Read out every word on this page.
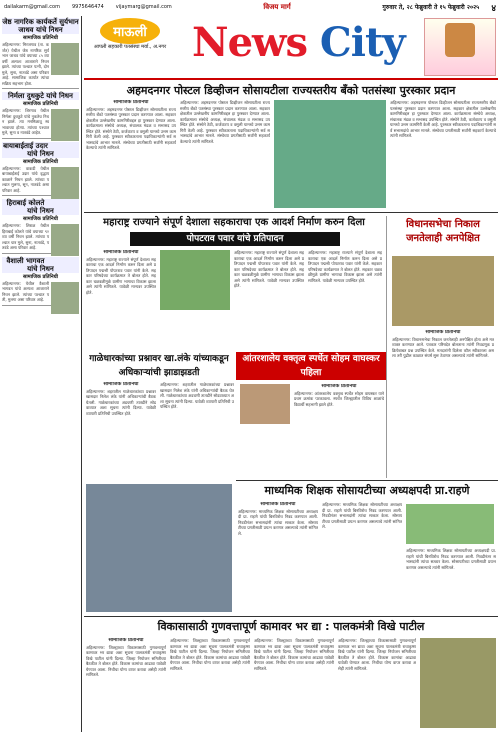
dailakarm@gmail.com 9975646474 vijaymarg@gmail.com	विजय मार्ग	गुरुवार ते, २८ फेब्रुवारी ते १५ फेब्रुवारी २०२५ ४
माऊली
आपली सहकारी पतसंस्था मर्या., अ.नगर News City
जेष्ठ नागरिक कार्यकर्ते सुर्यभान जाधव यांचे निधन
सामाजिक प्रतिनिधी
अहिल्यानगर: मिरजगाव (ता. कर्जत) येथील जेष्ठ नागरिक सुर्यभान जाधव यांचे वयाच्या ८५ व्या वर्षी अल्पशः आजाराने निधन झाले. त्यांच्या पश्चात पत्नी, दोन मुले, सुना, नातवंडे असा परिवार आहे. सामाजिक कार्यात त्यांचा सक्रिय सहभाग होता.
निर्मला दुधकुटे यांचे निधन
सामाजिक प्रतिनिधी
अहिल्यानगर: शिरगाव येथील निर्मला दुधकुटे यांचे नुकतेच निधन झाले. त्या मनमिळावू स्वभावाच्या होत्या. त्यांच्या पश्चात मुले, सुना व नातवंडे आहेत.
बायाबाईताई उदार यांचे निधन
सामाजिक प्रतिनिधी
अहिल्यानगर: वाकडी येथील बायाबाईताई उदार यांचे वृद्धापकाळाने निधन झाले. त्यांच्या पश्चात मुलगा, सून, नातवंडे असा परिवार आहे.
हिराबाई कोलते यांचे निधन
सामाजिक प्रतिनिधी
अहिल्यानगर: शिराळ येथील हिराबाई कोलते यांचे वयाच्या ९२ व्या वर्षी निधन झाले. त्यांच्या पश्चात चार मुले, सुना, नातवंडे, पतवंडे असा परिवार आहे.
वैशाली भागवत यांचे निधन
सामाजिक प्रतिनिधी
अहिल्यानगर: येथील वैशाली भागवत यांचे अल्पशः आजाराने निधन झाले. त्यांच्या पश्चात पती, मुलगा असा परिवार आहे.
अहमदनगर पोस्टल डिव्हीजन सोसायटीला राज्यस्तरीय बँको पतसंस्था पुरस्कार प्रदान
सामाजिक प्रतिनिधी
अहिल्यानगर: अहमदनगर पोस्टल डिव्हीजन सोसायटीला राज्यस्तरीय बँको पतसंस्था पुरस्कार प्रदान करण्यात आला. सहकार क्षेत्रातील उल्लेखनीय कामगिरीबद्दल हा पुरस्कार देण्यात आला. कार्यक्रमाला संस्थेचे अध्यक्ष, संचालक मंडळ व सभासद उपस्थित होते. संस्थेने ठेवी, कर्जवाटप व वसुली यामध्ये उत्तम कामगिरी केली आहे. पुरस्कार स्वीकारताना पदाधिकाऱ्यांनी सर्व सभासदांचे आभार मानले. संस्थेच्या प्रगतीसाठी सर्वांनी सहकार्य केल्याचे त्यांनी सांगितले.
अहिल्यानगर: अहमदनगर पोस्टल डिव्हीजन सोसायटीला राज्यस्तरीय बँको पतसंस्था पुरस्कार प्रदान करण्यात आला. सहकार क्षेत्रातील उल्लेखनीय कामगिरीबद्दल हा पुरस्कार देण्यात आला. कार्यक्रमाला संस्थेचे अध्यक्ष, संचालक मंडळ व सभासद उपस्थित होते. संस्थेने ठेवी, कर्जवाटप व वसुली यामध्ये उत्तम कामगिरी केली आहे. पुरस्कार स्वीकारताना पदाधिकाऱ्यांनी सर्व सभासदांचे आभार मानले. संस्थेच्या प्रगतीसाठी सर्वांनी सहकार्य केल्याचे त्यांनी सांगितले.
अहिल्यानगर: अहमदनगर पोस्टल डिव्हीजन सोसायटीला राज्यस्तरीय बँको पतसंस्था पुरस्कार प्रदान करण्यात आला. सहकार क्षेत्रातील उल्लेखनीय कामगिरीबद्दल हा पुरस्कार देण्यात आला. कार्यक्रमाला संस्थेचे अध्यक्ष, संचालक मंडळ व सभासद उपस्थित होते. संस्थेने ठेवी, कर्जवाटप व वसुली यामध्ये उत्तम कामगिरी केली आहे. पुरस्कार स्वीकारताना पदाधिकाऱ्यांनी सर्व सभासदांचे आभार मानले. संस्थेच्या प्रगतीसाठी सर्वांनी सहकार्य केल्याचे त्यांनी सांगितले.
महाराष्ट्र राज्याने संपूर्ण देशाला सहकाराचा एक आदर्श निर्माण करुन दिला
पोपटराव पवार यांचे प्रतिपादन
सामाजिक प्रतिनिधी
अहिल्यानगर: महाराष्ट्र राज्याने संपूर्ण देशाला सहकाराचा एक आदर्श निर्माण करुन दिला असे प्रतिपादन पद्मश्री पोपटराव पवार यांनी केले. सहकार परिषदेच्या कार्यक्रमात ते बोलत होते. सहकार चळवळीमुळे ग्रामीण भागाचा विकास झाला असे त्यांनी सांगितले. यावेळी मान्यवर उपस्थित होते.
अहिल्यानगर: महाराष्ट्र राज्याने संपूर्ण देशाला सहकाराचा एक आदर्श निर्माण करुन दिला असे प्रतिपादन पद्मश्री पोपटराव पवार यांनी केले. सहकार परिषदेच्या कार्यक्रमात ते बोलत होते. सहकार चळवळीमुळे ग्रामीण भागाचा विकास झाला असे त्यांनी सांगितले. यावेळी मान्यवर उपस्थित होते.
अहिल्यानगर: महाराष्ट्र राज्याने संपूर्ण देशाला सहकाराचा एक आदर्श निर्माण करुन दिला असे प्रतिपादन पद्मश्री पोपटराव पवार यांनी केले. सहकार परिषदेच्या कार्यक्रमात ते बोलत होते. सहकार चळवळीमुळे ग्रामीण भागाचा विकास झाला असे त्यांनी सांगितले. यावेळी मान्यवर उपस्थित होते.
विधानसभेचा निकाल जनतेलाही अनपेक्षित
सामाजिक प्रतिनिधी
अहिल्यानगर: विधानसभेचा निकाल जनतेलाही अनपेक्षित होता असे मत व्यक्त करण्यात आले. पत्रकार परिषदेत बोलताना त्यांनी निवडणूक प्रक्रियेबाबत प्रश्न उपस्थित केले. मतदारांनी दिलेला कौल स्वीकारला असला तरी पुढील काळात संघर्ष सुरू ठेवणार असल्याचे त्यांनी सांगितले.
गाळेधारकांच्या प्रश्नावर खा.लंके यांच्याकडून अधिकाऱ्यांची झाडाझडती
सामाजिक प्रतिनिधी
अहिल्यानगर: शहरातील गाळेधारकांच्या प्रश्नावर खासदार निलेश लंके यांनी अधिकाऱ्यांची बैठक घेतली. गाळेधारकांच्या अडचणी तातडीने सोडवाव्यात अशा सूचना त्यांनी दिल्या. यावेळी व्यापारी प्रतिनिधी उपस्थित होते.
अहिल्यानगर: शहरातील गाळेधारकांच्या प्रश्नावर खासदार निलेश लंके यांनी अधिकाऱ्यांची बैठक घेतली. गाळेधारकांच्या अडचणी तातडीने सोडवाव्यात अशा सूचना त्यांनी दिल्या. यावेळी व्यापारी प्रतिनिधी उपस्थित होते.
आंतरशालेय वक्तृत्व स्पर्धेत सोहम वाघस्कर पहिला
सामाजिक प्रतिनिधी
अहिल्यानगर: आंतरशालेय वक्तृत्व स्पर्धेत सोहम वाघस्कर याने प्रथम क्रमांक पटकावला. स्पर्धेत जिल्ह्यातील विविध शाळांचे विद्यार्थी सहभागी झाले होते.
माध्यमिक शिक्षक सोसायटीच्या अध्यक्षपदी प्रा.राहणे
सामाजिक प्रतिनिधी
अहिल्यानगर: माध्यमिक शिक्षक सोसायटीच्या अध्यक्षपदी प्रा. राहणे यांची बिनविरोध निवड करण्यात आली. निवडीनंतर सभासदांनी त्यांचा सत्कार केला. सोसायटीच्या प्रगतीसाठी प्रयत्न करणार असल्याचे त्यांनी सांगितले.
अहिल्यानगर: माध्यमिक शिक्षक सोसायटीच्या अध्यक्षपदी प्रा. राहणे यांची बिनविरोध निवड करण्यात आली. निवडीनंतर सभासदांनी त्यांचा सत्कार केला. सोसायटीच्या प्रगतीसाठी प्रयत्न करणार असल्याचे त्यांनी सांगितले.
अहिल्यानगर: माध्यमिक शिक्षक सोसायटीच्या अध्यक्षपदी प्रा. राहणे यांची बिनविरोध निवड करण्यात आली. निवडीनंतर सभासदांनी त्यांचा सत्कार केला. सोसायटीच्या प्रगतीसाठी प्रयत्न करणार असल्याचे त्यांनी सांगितले.
विकासासाठी गुणवत्तापूर्ण कामावर भर द्या : पालकमंत्री विखे पाटील
सामाजिक प्रतिनिधी
अहिल्यानगर: जिल्ह्याच्या विकासासाठी गुणवत्तापूर्ण कामावर भर द्यावा अशा सूचना पालकमंत्री राधाकृष्ण विखे पाटील यांनी दिल्या. जिल्हा नियोजन समितीच्या बैठकीत ते बोलत होते. विकास कामांचा आढावा यावेळी घेण्यात आला. निधीचा योग्य वापर करावा असेही त्यांनी सांगितले.
अहिल्यानगर: जिल्ह्याच्या विकासासाठी गुणवत्तापूर्ण कामावर भर द्यावा अशा सूचना पालकमंत्री राधाकृष्ण विखे पाटील यांनी दिल्या. जिल्हा नियोजन समितीच्या बैठकीत ते बोलत होते. विकास कामांचा आढावा यावेळी घेण्यात आला. निधीचा योग्य वापर करावा असेही त्यांनी सांगितले.
अहिल्यानगर: जिल्ह्याच्या विकासासाठी गुणवत्तापूर्ण कामावर भर द्यावा अशा सूचना पालकमंत्री राधाकृष्ण विखे पाटील यांनी दिल्या. जिल्हा नियोजन समितीच्या बैठकीत ते बोलत होते. विकास कामांचा आढावा यावेळी घेण्यात आला. निधीचा योग्य वापर करावा असेही त्यांनी सांगितले.
अहिल्यानगर: जिल्ह्याच्या विकासासाठी गुणवत्तापूर्ण कामावर भर द्यावा अशा सूचना पालकमंत्री राधाकृष्ण विखे पाटील यांनी दिल्या. जिल्हा नियोजन समितीच्या बैठकीत ते बोलत होते. विकास कामांचा आढावा यावेळी घेण्यात आला. निधीचा योग्य वापर करावा असेही त्यांनी सांगितले.
